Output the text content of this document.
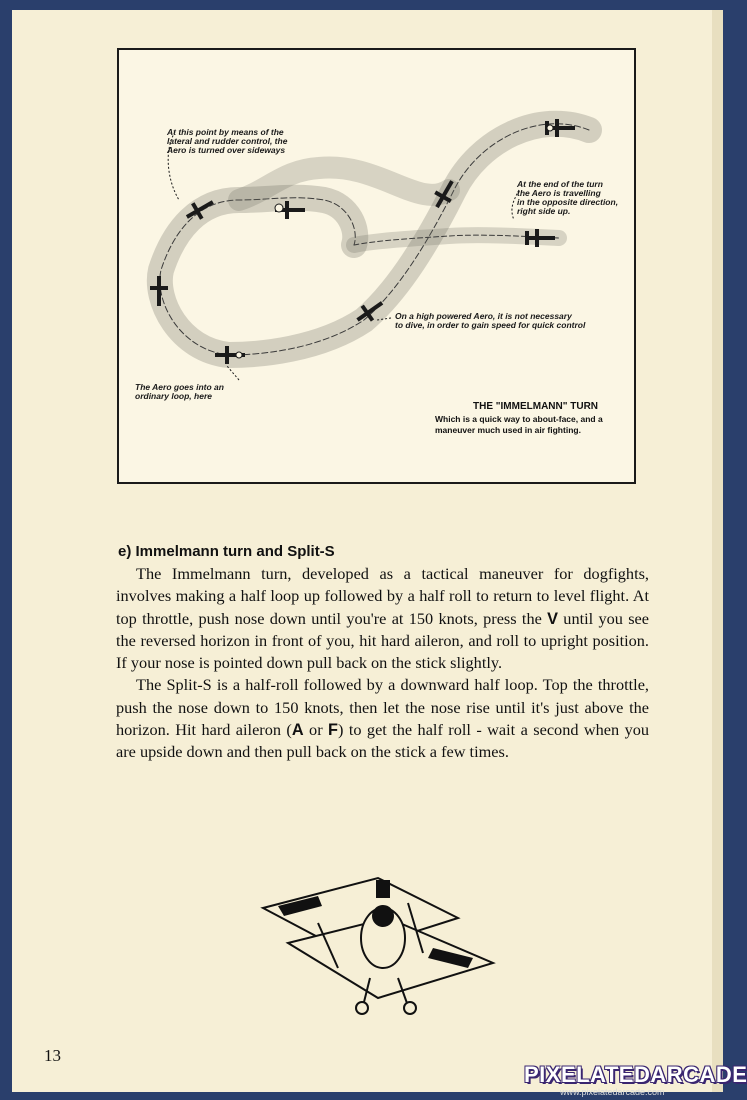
At this point by means of the
lateral and rudder control, the
Aero is turned over sideways
At the end of the turn
the Aero is travelling
in the opposite direction,
right side up.
On a high powered Aero, it is not necessary
to dive, in order to gain speed for quick control
The Aero goes into an
ordinary loop, here
THE "IMMELMANN" TURN
Which is a quick way to about-face, and a
maneuver much used in air fighting.
e) Immelmann turn and Split-S

The Immelmann turn, developed as a tactical maneuver for dogfights, involves making a half loop up followed by a half roll to return to level flight. At top throttle, push nose down until you're at 150 knots, press the V until you see the reversed horizon in front of you, hit hard aileron, and roll to upright position. If your nose is pointed down pull back on the stick slightly.

The Split-S is a half-roll followed by a downward half loop. Top the throttle, push the nose down to 150 knots, then let the nose rise until it's just above the horizon. Hit hard aileron (A or F) to get the half roll - wait a second when you are upside down and then pull back on the stick a few times.

13
PIXELATEDARCADE
www.pixelatedarcade.com
